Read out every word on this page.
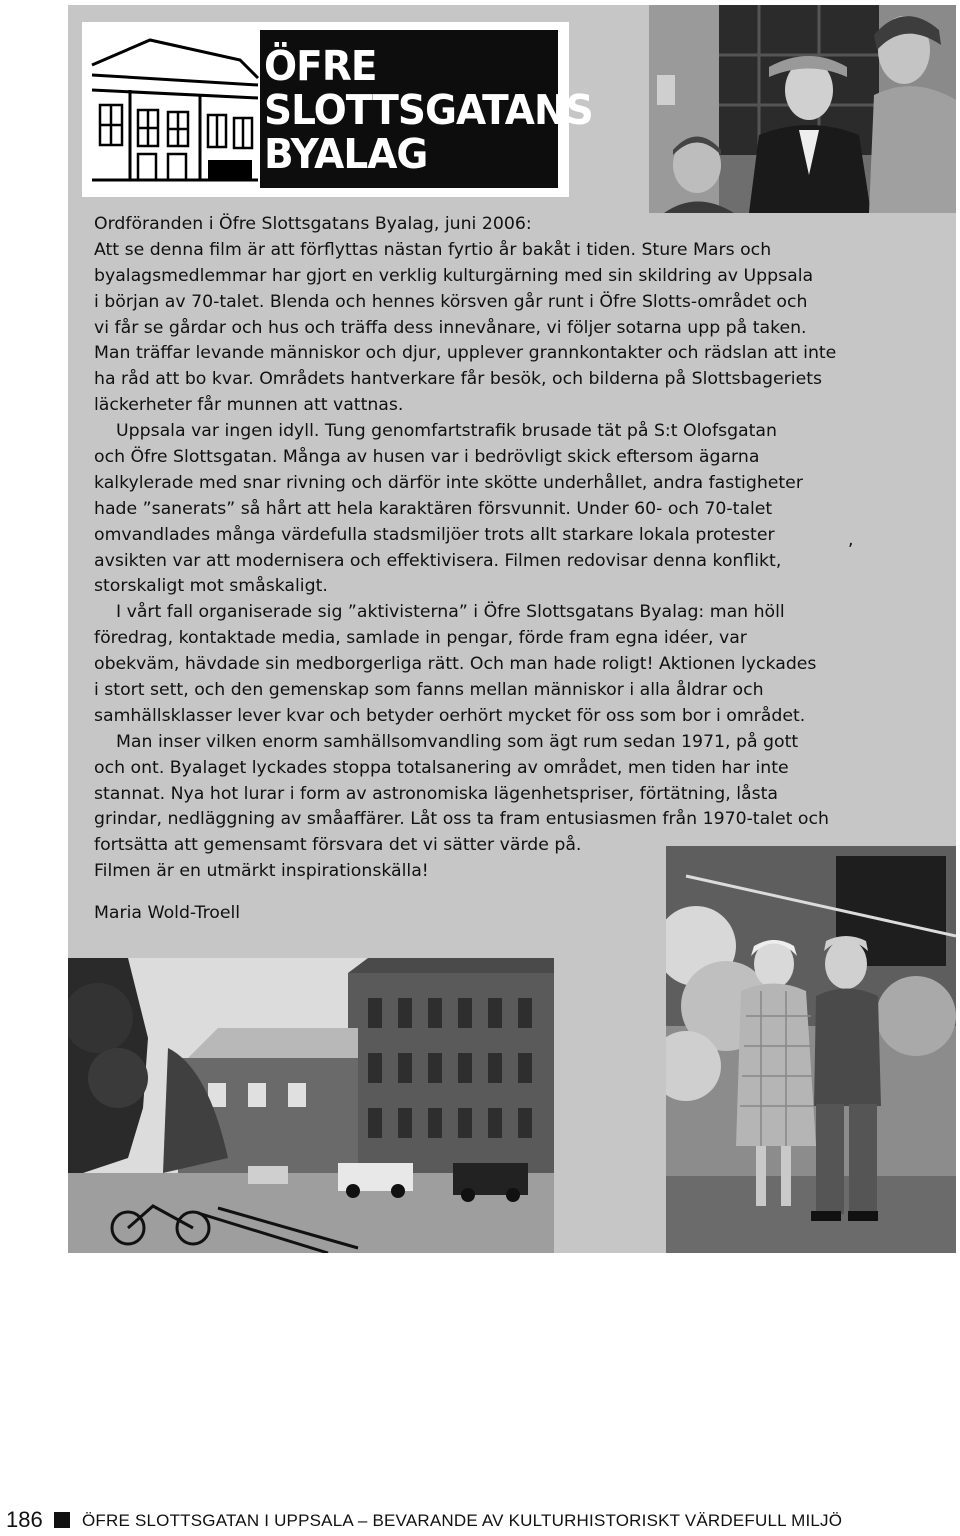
ÖFRE
SLOTTSGATANS
BYALAG
Ordföranden i Öfre Slottsgatans Byalag, juni 2006:
Att se denna film är att förflyttas nästan fyrtio år bakåt i tiden. Sture Mars och
byalagsmedlemmar har gjort en verklig kulturgärning med sin skildring av Uppsala
i början av 70-talet. Blenda och hennes körsven går runt i Öfre Slotts-området och
vi får se gårdar och hus och träffa dess innevånare, vi följer sotarna upp på taken.
Man träffar levande människor och djur, upplever grannkontakter och rädslan att inte
ha råd att bo kvar. Områdets hantverkare får besök, och bilderna på Slottsbageriets
läckerheter får munnen att vattnas.
Uppsala var ingen idyll. Tung genomfartstrafik brusade tät på S:t Olofsgatan
och Öfre Slottsgatan. Många av husen var i bedrövligt skick eftersom ägarna
kalkylerade med snar rivning och därför inte skötte underhållet, andra fastigheter
hade ”sanerats” så hårt att hela karaktären försvunnit. Under 60- och 70-talet
omvandlades många värdefulla stadsmiljöer trots allt starkare lokala protester
avsikten var att modernisera och effektivisera. Filmen redovisar denna konflikt,
storskaligt mot småskaligt.
I vårt fall organiserade sig ”aktivisterna” i Öfre Slottsgatans Byalag: man höll
föredrag, kontaktade media, samlade in pengar, förde fram egna idéer, var
obekväm, hävdade sin medborgerliga rätt. Och man hade roligt! Aktionen lyckades
i stort sett, och den gemenskap som fanns mellan människor i alla åldrar och
samhällsklasser lever kvar och betyder oerhört mycket för oss som bor i området.
Man inser vilken enorm samhällsomvandling som ägt rum sedan 1971, på gott
och ont. Byalaget lyckades stoppa totalsanering av området, men tiden har inte
stannat. Nya hot lurar i form av astronomiska lägenhetspriser, förtätning, låsta
grindar, nedläggning av småaffärer. Låt oss ta fram entusiasmen från 1970-talet och
fortsätta att gemensamt försvara det vi sätter värde på.
Filmen är en utmärkt inspirationskälla!
,
Maria Wold-Troell
186 ÖFRE SLOTTSGATAN I UPPSALA – BEVARANDE AV KULTURHISTORISKT VÄRDEFULL MILJÖ
